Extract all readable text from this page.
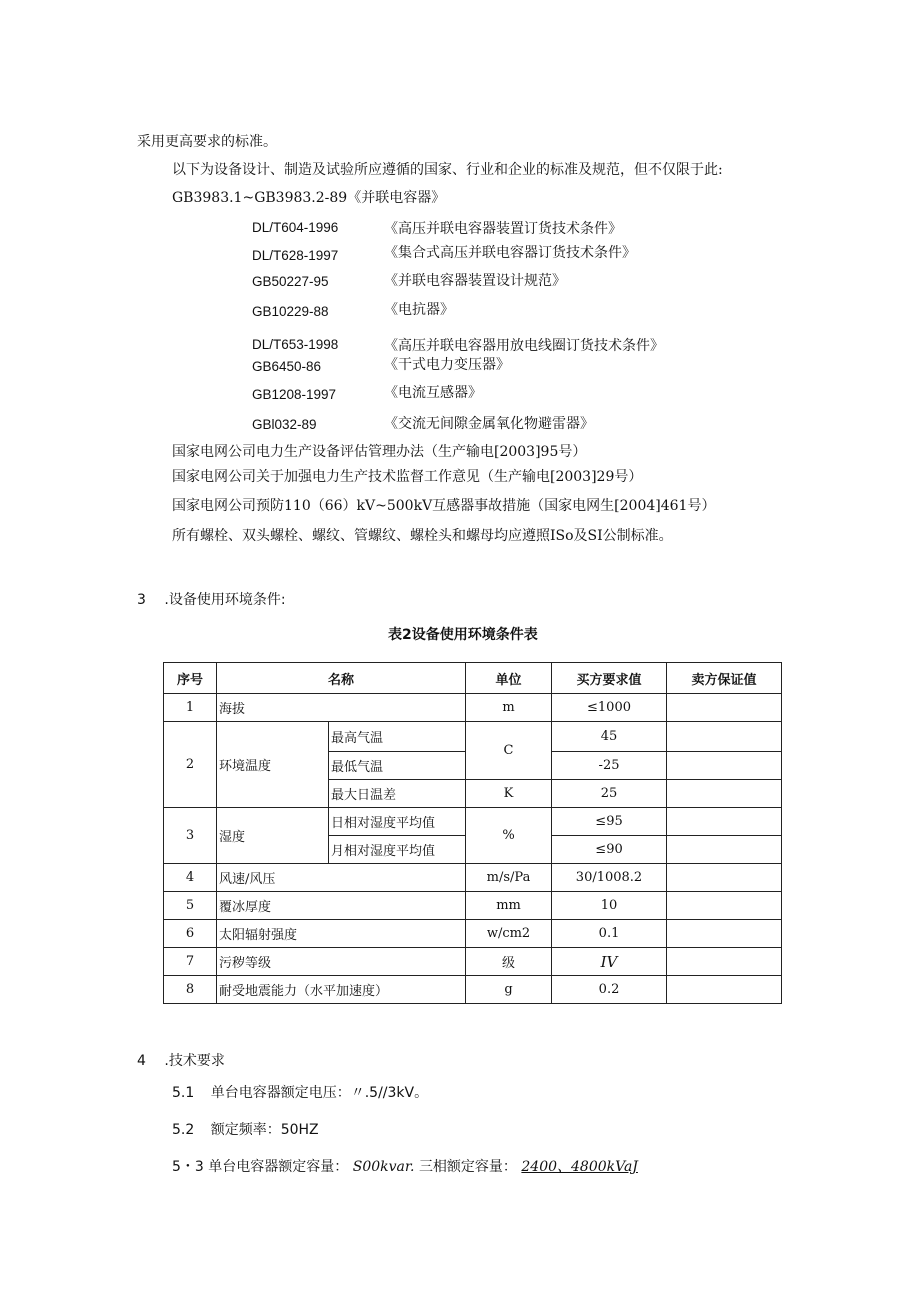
采用更高要求的标准。
以下为设备设计、制造及试验所应遵循的国家、行业和企业的标准及规范，但不仅限于此:
GB3983.1~GB3983.2-89《并联电容器》
DL/T604-1996	《高压并联电容器装置订货技术条件》
DL/T628-1997	《集合式高压并联电容器订货技术条件》
GB50227-95	《并联电容器装置设计规范》
GB10229-88	《电抗器》
DL/T653-1998	《高压并联电容器用放电线圈订货技术条件》
GB6450-86	《干式电力变压器》
GB1208-1997	《电流互感器》
GBl032-89	《交流无间隙金属氧化物避雷器》
国家电网公司电力生产设备评估管理办法（生产输电[2003]95号）
国家电网公司关于加强电力生产技术监督工作意见（生产输电[2003]29号）
国家电网公司预防110（66）kV~500kV互感器事故措施（国家电网生[2004]461号）
所有螺栓、双头螺栓、螺纹、管螺纹、螺栓头和螺母均应遵照ISo及SI公制标准。
3 .设备使用环境条件:
表2设备使用环境条件表
序号	名称		单位	买方要求值	卖方保证值
1	海拔		m	≤1000	
2	环境温度	最高气温	C	45	
		最低气温		-25	
		最大日温差	K	25	
3	湿度	日相对湿度平均值	%	≤95	
		月相对湿度平均值		≤90	
4	风速/风压		m/s/Pa	30/1008.2	
5	覆冰厚度		mm	10	
6	太阳辐射强度		w/cm2	0.1	
7	污秽等级		级	IV	
8	耐受地震能力（水平加速度）		g	0.2	
4 .技术要求
5.1 单台电容器额定电压：〃.5//3kV。
5.2 额定频率：50HZ
5・3 单台电容器额定容量： S00kvar. 三相额定容量： 2400、4800kVaJ
